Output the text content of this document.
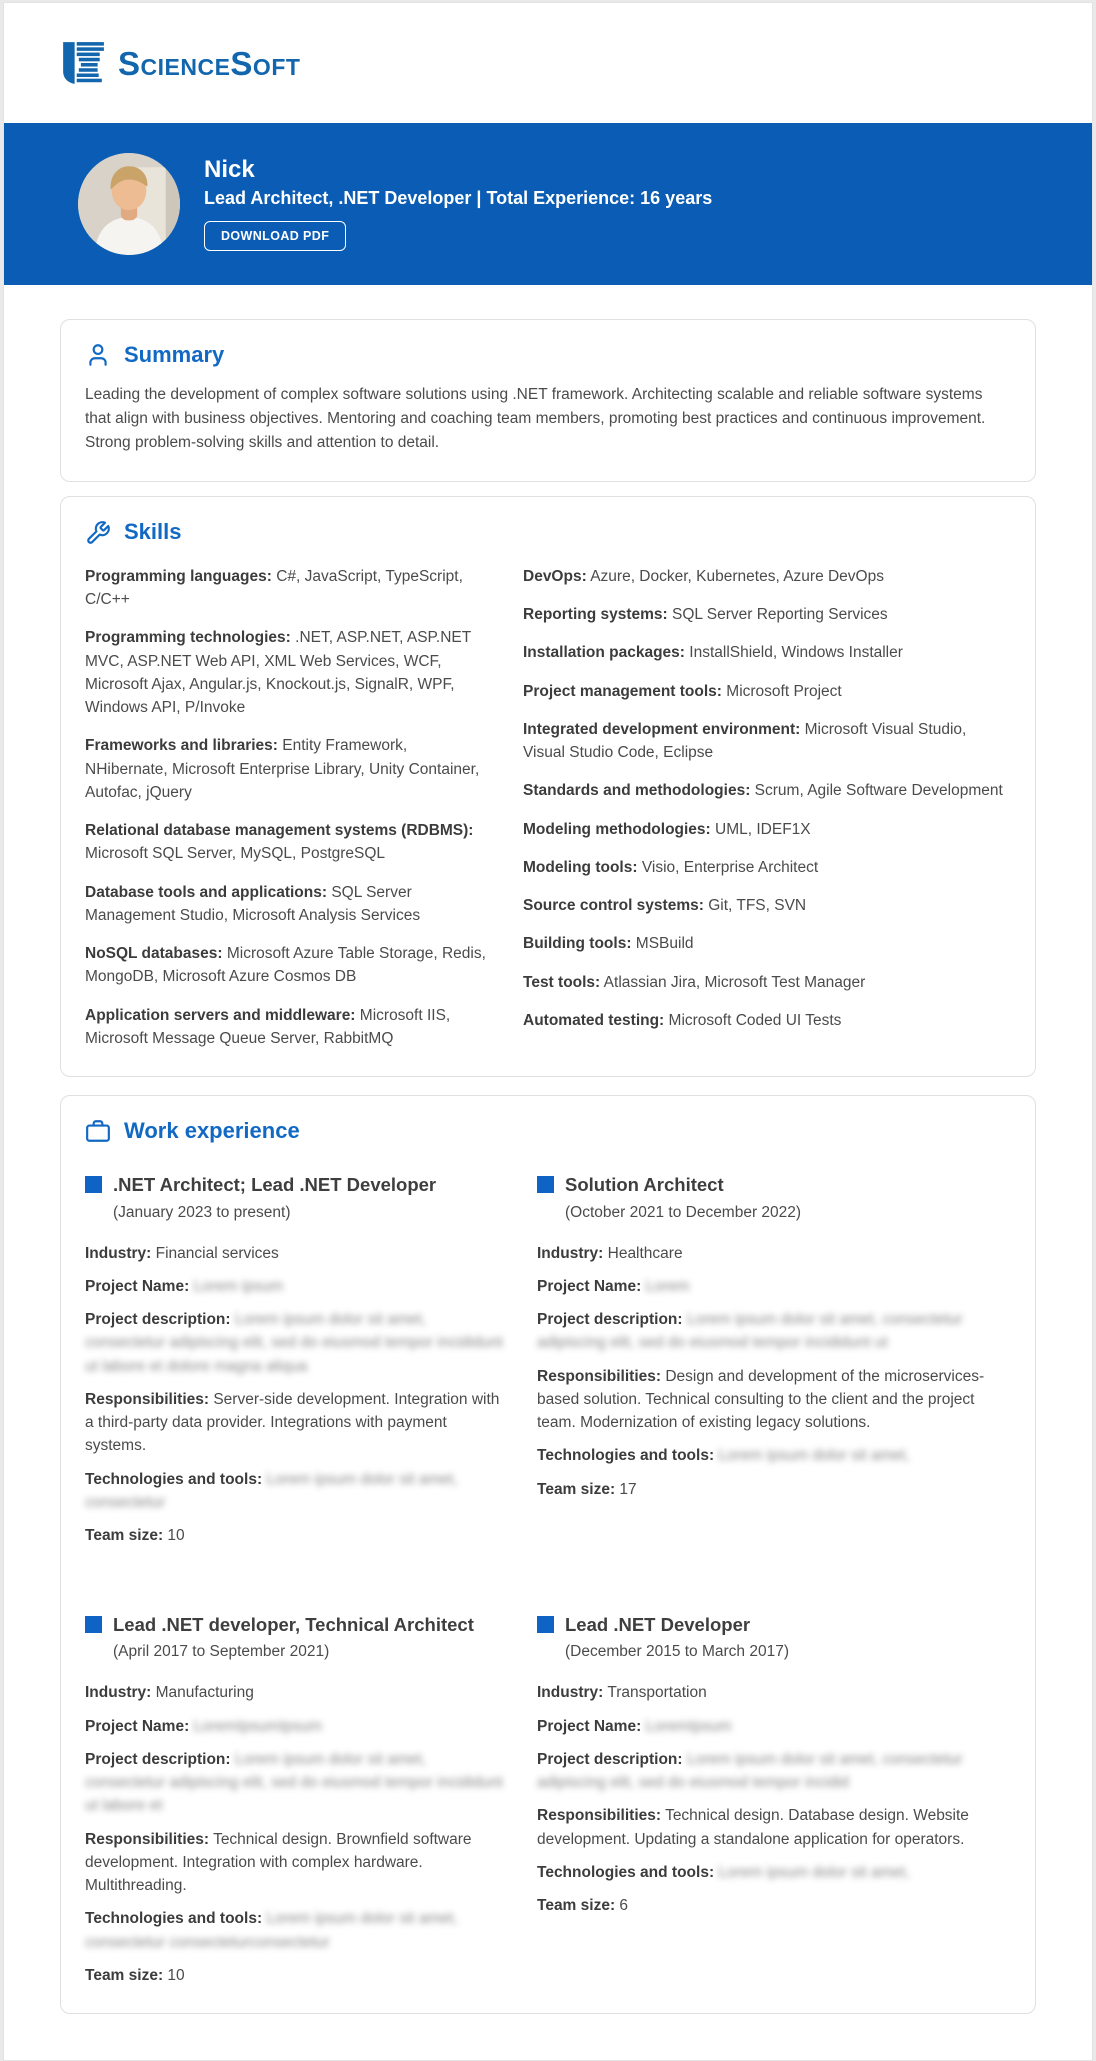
ScienceSoft
Nick
Lead Architect, .NET Developer | Total Experience: 16 years
DOWNLOAD PDF
Summary

Leading the development of complex software solutions using .NET framework. Architecting scalable and reliable software systems that align with business objectives. Mentoring and coaching team members, promoting best practices and continuous improvement. Strong problem-solving skills and attention to detail.

Skills

Programming languages: C#, JavaScript, TypeScript, C/C++

Programming technologies: .NET, ASP.NET, ASP.NET MVC, ASP.NET Web API, XML Web Services, WCF, Microsoft Ajax, Angular.js, Knockout.js, SignalR, WPF, Windows API, P/Invoke

Frameworks and libraries: Entity Framework, NHibernate, Microsoft Enterprise Library, Unity Container, Autofac, jQuery

Relational database management systems (RDBMS): Microsoft SQL Server, MySQL, PostgreSQL

Database tools and applications: SQL Server Management Studio, Microsoft Analysis Services

NoSQL databases: Microsoft Azure Table Storage, Redis, MongoDB, Microsoft Azure Cosmos DB

Application servers and middleware: Microsoft IIS, Microsoft Message Queue Server, RabbitMQ

DevOps: Azure, Docker, Kubernetes, Azure DevOps

Reporting systems: SQL Server Reporting Services

Installation packages: InstallShield, Windows Installer

Project management tools: Microsoft Project

Integrated development environment: Microsoft Visual Studio, Visual Studio Code, Eclipse

Standards and methodologies: Scrum, Agile Software Development

Modeling methodologies: UML, IDEF1X

Modeling tools: Visio, Enterprise Architect

Source control systems: Git, TFS, SVN

Building tools: MSBuild

Test tools: Atlassian Jira, Microsoft Test Manager

Automated testing: Microsoft Coded UI Tests

Work experience
.NET Architect; Lead .NET Developer
(January 2023 to present)

Industry: Financial services

Project Name: Lorem ipsum

Project description: Lorem ipsum dolor sit amet, consectetur adipiscing elit, sed do eiusmod tempor incididunt ut labore et dolore magna aliqua

Responsibilities: Server-side development. Integration with a third-party data provider. Integrations with payment systems.

Technologies and tools: Lorem ipsum dolor sit amet, consectetur

Team size: 10

Solution Architect
(October 2021 to December 2022)

Industry: Healthcare

Project Name: Lorem

Project description: Lorem ipsum dolor sit amet, consectetur adipiscing elit, sed do eiusmod tempor incididunt ut

Responsibilities: Design and development of the microservices-based solution. Technical consulting to the client and the project team. Modernization of existing legacy solutions.

Technologies and tools: Lorem ipsum dolor sit amet,

Team size: 17

Lead .NET developer, Technical Architect
(April 2017 to September 2021)

Industry: Manufacturing

Project Name: LoremIpsumIpsum

Project description: Lorem ipsum dolor sit amet, consectetur adipiscing elit, sed do eiusmod tempor incididunt ut labore et

Responsibilities: Technical design. Brownfield software development. Integration with complex hardware. Multithreading.

Technologies and tools: Lorem ipsum dolor sit amet, consectetur consecteturconsectetur

Team size: 10

Lead .NET Developer
(December 2015 to March 2017)

Industry: Transportation

Project Name: LoremIpsum

Project description: Lorem ipsum dolor sit amet, consectetur adipiscing elit, sed do eiusmod tempor incidid

Responsibilities: Technical design. Database design. Website development. Updating a standalone application for operators.

Technologies and tools: Lorem ipsum dolor sit amet,

Team size: 6
